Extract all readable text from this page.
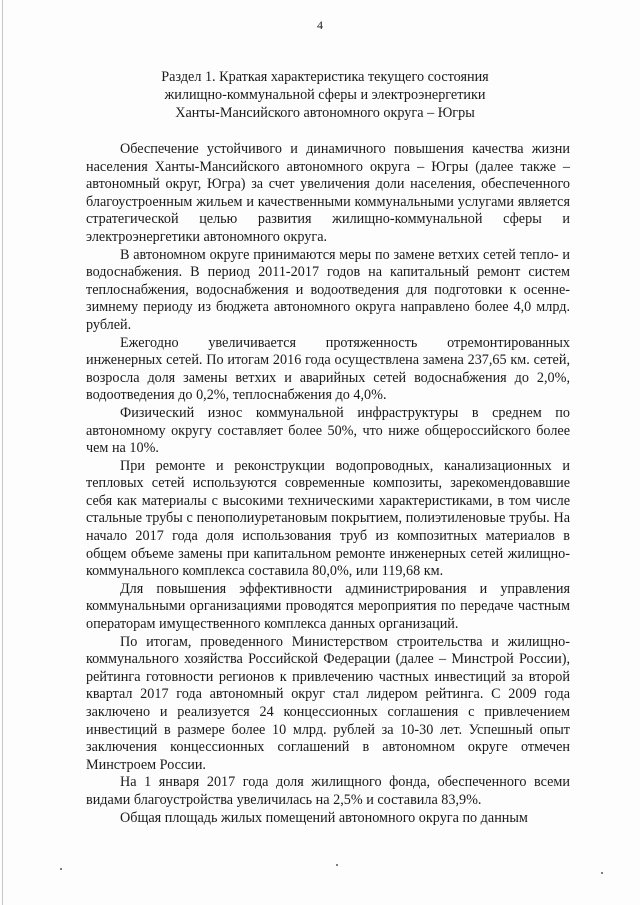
4
Раздел 1. Краткая характеристика текущего состояния
жилищно-коммунальной сферы и электроэнергетики
Ханты-Мансийского автономного округа – Югры

Обеспечение устойчивого и динамичного повышения качества жизни населения Ханты-Мансийского автономного округа – Югры (далее также – автономный округ, Югра) за счет увеличения доли населения, обеспеченного благоустроенным жильем и качественными коммунальными услугами является стратегической целью развития жилищно-коммунальной сферы и электроэнергетики автономного округа.

В автономном округе принимаются меры по замене ветхих сетей тепло- и водоснабжения. В период 2011-2017 годов на капитальный ремонт систем теплоснабжения, водоснабжения и водоотведения для подготовки к осенне-зимнему периоду из бюджета автономного округа направлено более 4,0 млрд. рублей.

Ежегодно увеличивается протяженность отремонтированных инженерных сетей. По итогам 2016 года осуществлена замена 237,65 км. сетей, возросла доля замены ветхих и аварийных сетей водоснабжения до 2,0%, водоотведения до 0,2%, теплоснабжения до 4,0%.

Физический износ коммунальной инфраструктуры в среднем по автономному округу составляет более 50%, что ниже общероссийского более чем на 10%.

При ремонте и реконструкции водопроводных, канализационных и тепловых сетей используются современные композиты, зарекомендовавшие себя как материалы с высокими техническими характеристиками, в том числе стальные трубы с пенополиуретановым покрытием, полиэтиленовые трубы. На начало 2017 года доля использования труб из композитных материалов в общем объеме замены при капитальном ремонте инженерных сетей жилищно-коммунального комплекса составила 80,0%, или 119,68 км.

Для повышения эффективности администрирования и управления коммунальными организациями проводятся мероприятия по передаче частным операторам имущественного комплекса данных организаций.

По итогам, проведенного Министерством строительства и жилищно-коммунального хозяйства Российской Федерации (далее – Минстрой России), рейтинга готовности регионов к привлечению частных инвестиций за второй квартал 2017 года автономный округ стал лидером рейтинга. С 2009 года заключено и реализуется 24 концессионных соглашения с привлечением инвестиций в размере более 10 млрд. рублей за 10-30 лет. Успешный опыт заключения концессионных соглашений в автономном округе отмечен Минстроем России.

На 1 января 2017 года доля жилищного фонда, обеспеченного всеми видами благоустройства увеличилась на 2,5% и составила 83,9%.

Общая площадь жилых помещений автономного округа по данным
